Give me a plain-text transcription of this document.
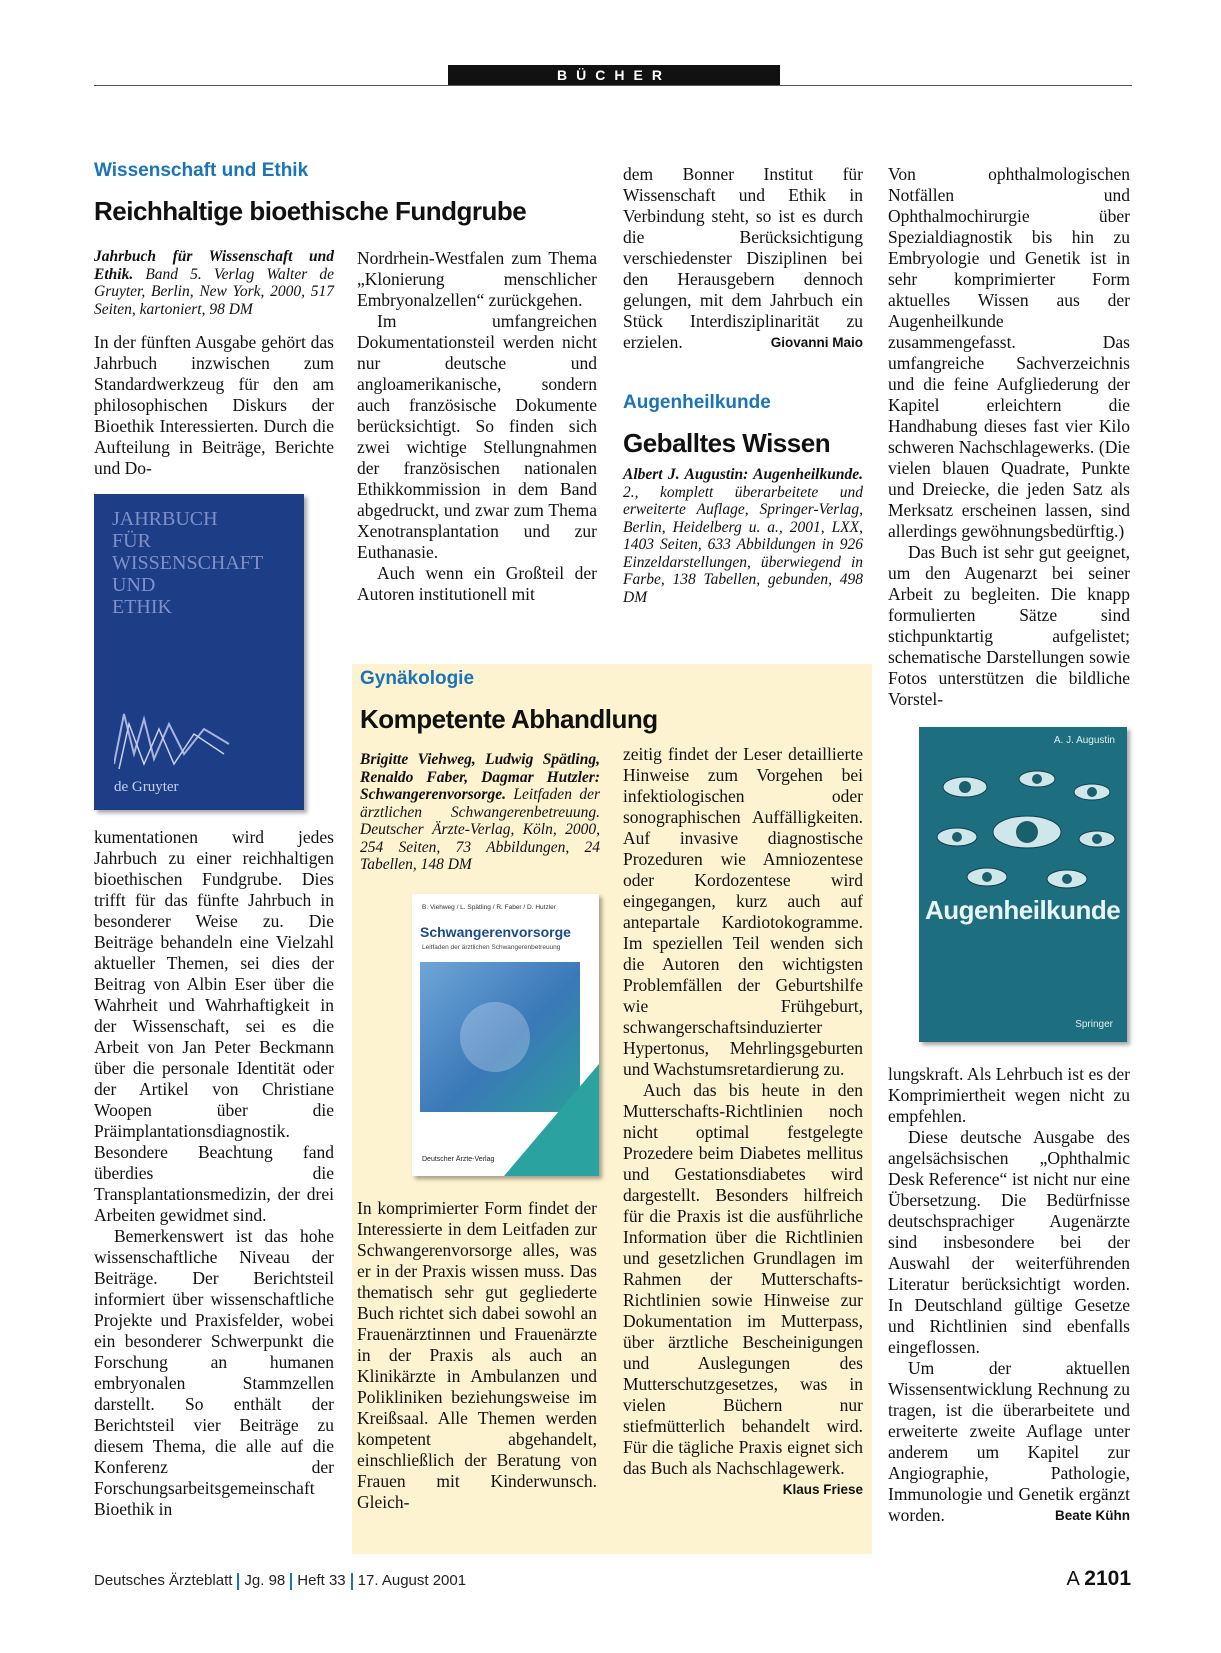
BÜCHER
Wissenschaft und Ethik
Reichhaltige bioethische Fundgrube
Jahrbuch für Wissenschaft und Ethik. Band 5. Verlag Walter de Gruyter, Berlin, New York, 2000, 517 Seiten, kartoniert, 98 DM

In der fünften Ausgabe gehört das Jahrbuch inzwischen zum Standardwerkzeug für den am philosophischen Diskurs der Bioethik Interessierten. Durch die Aufteilung in Beiträge, Berichte und Do-

JAHRBUCH
FÜR
WISSENSCHAFT
UND
ETHIK
de Gruyter

kumentationen wird jedes Jahrbuch zu einer reichhaltigen bioethischen Fundgrube. Dies trifft für das fünfte Jahrbuch in besonderer Weise zu. Die Beiträge behandeln eine Vielzahl aktueller Themen, sei dies der Beitrag von Albin Eser über die Wahrheit und Wahrhaftigkeit in der Wissenschaft, sei es die Arbeit von Jan Peter Beckmann über die personale Identität oder der Artikel von Christiane Woopen über die Präimplantationsdiagnostik. Besondere Beachtung fand überdies die Transplantationsmedizin, der drei Arbeiten gewidmet sind.

Bemerkenswert ist das hohe wissenschaftliche Niveau der Beiträge. Der Berichtsteil informiert über wissenschaftliche Projekte und Praxisfelder, wobei ein besonderer Schwerpunkt die Forschung an humanen embryonalen Stammzellen darstellt. So enthält der Berichtsteil vier Beiträge zu diesem Thema, die alle auf die Konferenz der Forschungsarbeitsgemeinschaft Bioethik in

Nordrhein-Westfalen zum Thema „Klonierung menschlicher Embryonalzellen“ zurückgehen.

Im umfangreichen Dokumentationsteil werden nicht nur deutsche und angloamerikanische, sondern auch französische Dokumente berücksichtigt. So finden sich zwei wichtige Stellungnahmen der französischen nationalen Ethikkommission in dem Band abgedruckt, und zwar zum Thema Xenotransplantation und zur Euthanasie.

Auch wenn ein Großteil der Autoren institutionell mit

dem Bonner Institut für Wissenschaft und Ethik in Verbindung steht, so ist es durch die Berücksichtigung verschiedenster Disziplinen bei den Herausgebern dennoch gelungen, mit dem Jahrbuch ein Stück Interdisziplinarität zu erzielen.	Giovanni Maio

Augenheilkunde
Geballtes Wissen
Albert J. Augustin: Augenheilkunde. 2., komplett überarbeitete und erweiterte Auflage, Springer-Verlag, Berlin, Heidelberg u. a., 2001, LXX, 1403 Seiten, 633 Abbildungen in 926 Einzeldarstellungen, überwiegend in Farbe, 138 Tabellen, gebunden, 498 DM

Von ophthalmologischen Notfällen und Ophthalmochirurgie über Spezialdiagnostik bis hin zu Embryologie und Genetik ist in sehr komprimierter Form aktuelles Wissen aus der Augenheilkunde zusammengefasst. Das umfangreiche Sachverzeichnis und die feine Aufgliederung der Kapitel erleichtern die Handhabung dieses fast vier Kilo schweren Nachschlagewerks. (Die vielen blauen Quadrate, Punkte und Dreiecke, die jeden Satz als Merksatz erscheinen lassen, sind allerdings gewöhnungsbedürftig.)

Das Buch ist sehr gut geeignet, um den Augenarzt bei seiner Arbeit zu begleiten. Die knapp formulierten Sätze sind stichpunktartig aufgelistet; schematische Darstellungen sowie Fotos unterstützen die bildliche Vorstel-

A. J. Augustin
Augenheilkunde
Springer

lungskraft. Als Lehrbuch ist es der Komprimiertheit wegen nicht zu empfehlen.

Diese deutsche Ausgabe des angelsächsischen „Ophthalmic Desk Reference“ ist nicht nur eine Übersetzung. Die Bedürfnisse deutschsprachiger Augenärzte sind insbesondere bei der Auswahl der weiterführenden Literatur berücksichtigt worden. In Deutschland gültige Gesetze und Richtlinien sind ebenfalls eingeflossen.

Um der aktuellen Wissensentwicklung Rechnung zu tragen, ist die überarbeitete und erweiterte zweite Auflage unter anderem um Kapitel zur Angiographie, Pathologie, Immunologie und Genetik ergänzt worden.	Beate Kühn

Gynäkologie
Kompetente Abhandlung
Brigitte Viehweg, Ludwig Spätling, Renaldo Faber, Dagmar Hutzler: Schwangerenvorsorge. Leitfaden der ärztlichen Schwangerenbetreuung. Deutscher Ärzte-Verlag, Köln, 2000, 254 Seiten, 73 Abbildungen, 24 Tabellen, 148 DM
B. Viehweg / L. Spätling / R. Faber / D. Hutzler
Schwangerenvorsorge
Leitfaden der ärztlichen Schwangerenbetreuung
Deutscher Ärzte-Verlag

In komprimierter Form findet der Interessierte in dem Leitfaden zur Schwangerenvorsorge alles, was er in der Praxis wissen muss. Das thematisch sehr gut gegliederte Buch richtet sich dabei sowohl an Frauenärztinnen und Frauenärzte in der Praxis als auch an Klinikärzte in Ambulanzen und Polikliniken beziehungsweise im Kreißsaal. Alle Themen werden kompetent abgehandelt, einschließlich der Beratung von Frauen mit Kinderwunsch. Gleich-

zeitig findet der Leser detaillierte Hinweise zum Vorgehen bei infektiologischen oder sonographischen Auffälligkeiten. Auf invasive diagnostische Prozeduren wie Amniozentese oder Kordozentese wird eingegangen, kurz auch auf antepartale Kardiotokogramme. Im speziellen Teil wenden sich die Autoren den wichtigsten Problemfällen der Geburtshilfe wie Frühgeburt, schwangerschaftsinduzierter Hypertonus, Mehrlingsgeburten und Wachstumsretardierung zu.

Auch das bis heute in den Mutterschafts-Richtlinien noch nicht optimal festgelegte Prozedere beim Diabetes mellitus und Gestationsdiabetes wird dargestellt. Besonders hilfreich für die Praxis ist die ausführliche Information über die Richtlinien und gesetzlichen Grundlagen im Rahmen der Mutterschafts-Richtlinien sowie Hinweise zur Dokumentation im Mutterpass, über ärztliche Bescheinigungen und Auslegungen des Mutterschutzgesetzes, was in vielen Büchern nur stiefmütterlich behandelt wird. Für die tägliche Praxis eignet sich das Buch als Nachschlagewerk.
Klaus Friese

Deutsches Ärzteblatt Jg. 98 Heft 33 17. August 2001	A 2101
